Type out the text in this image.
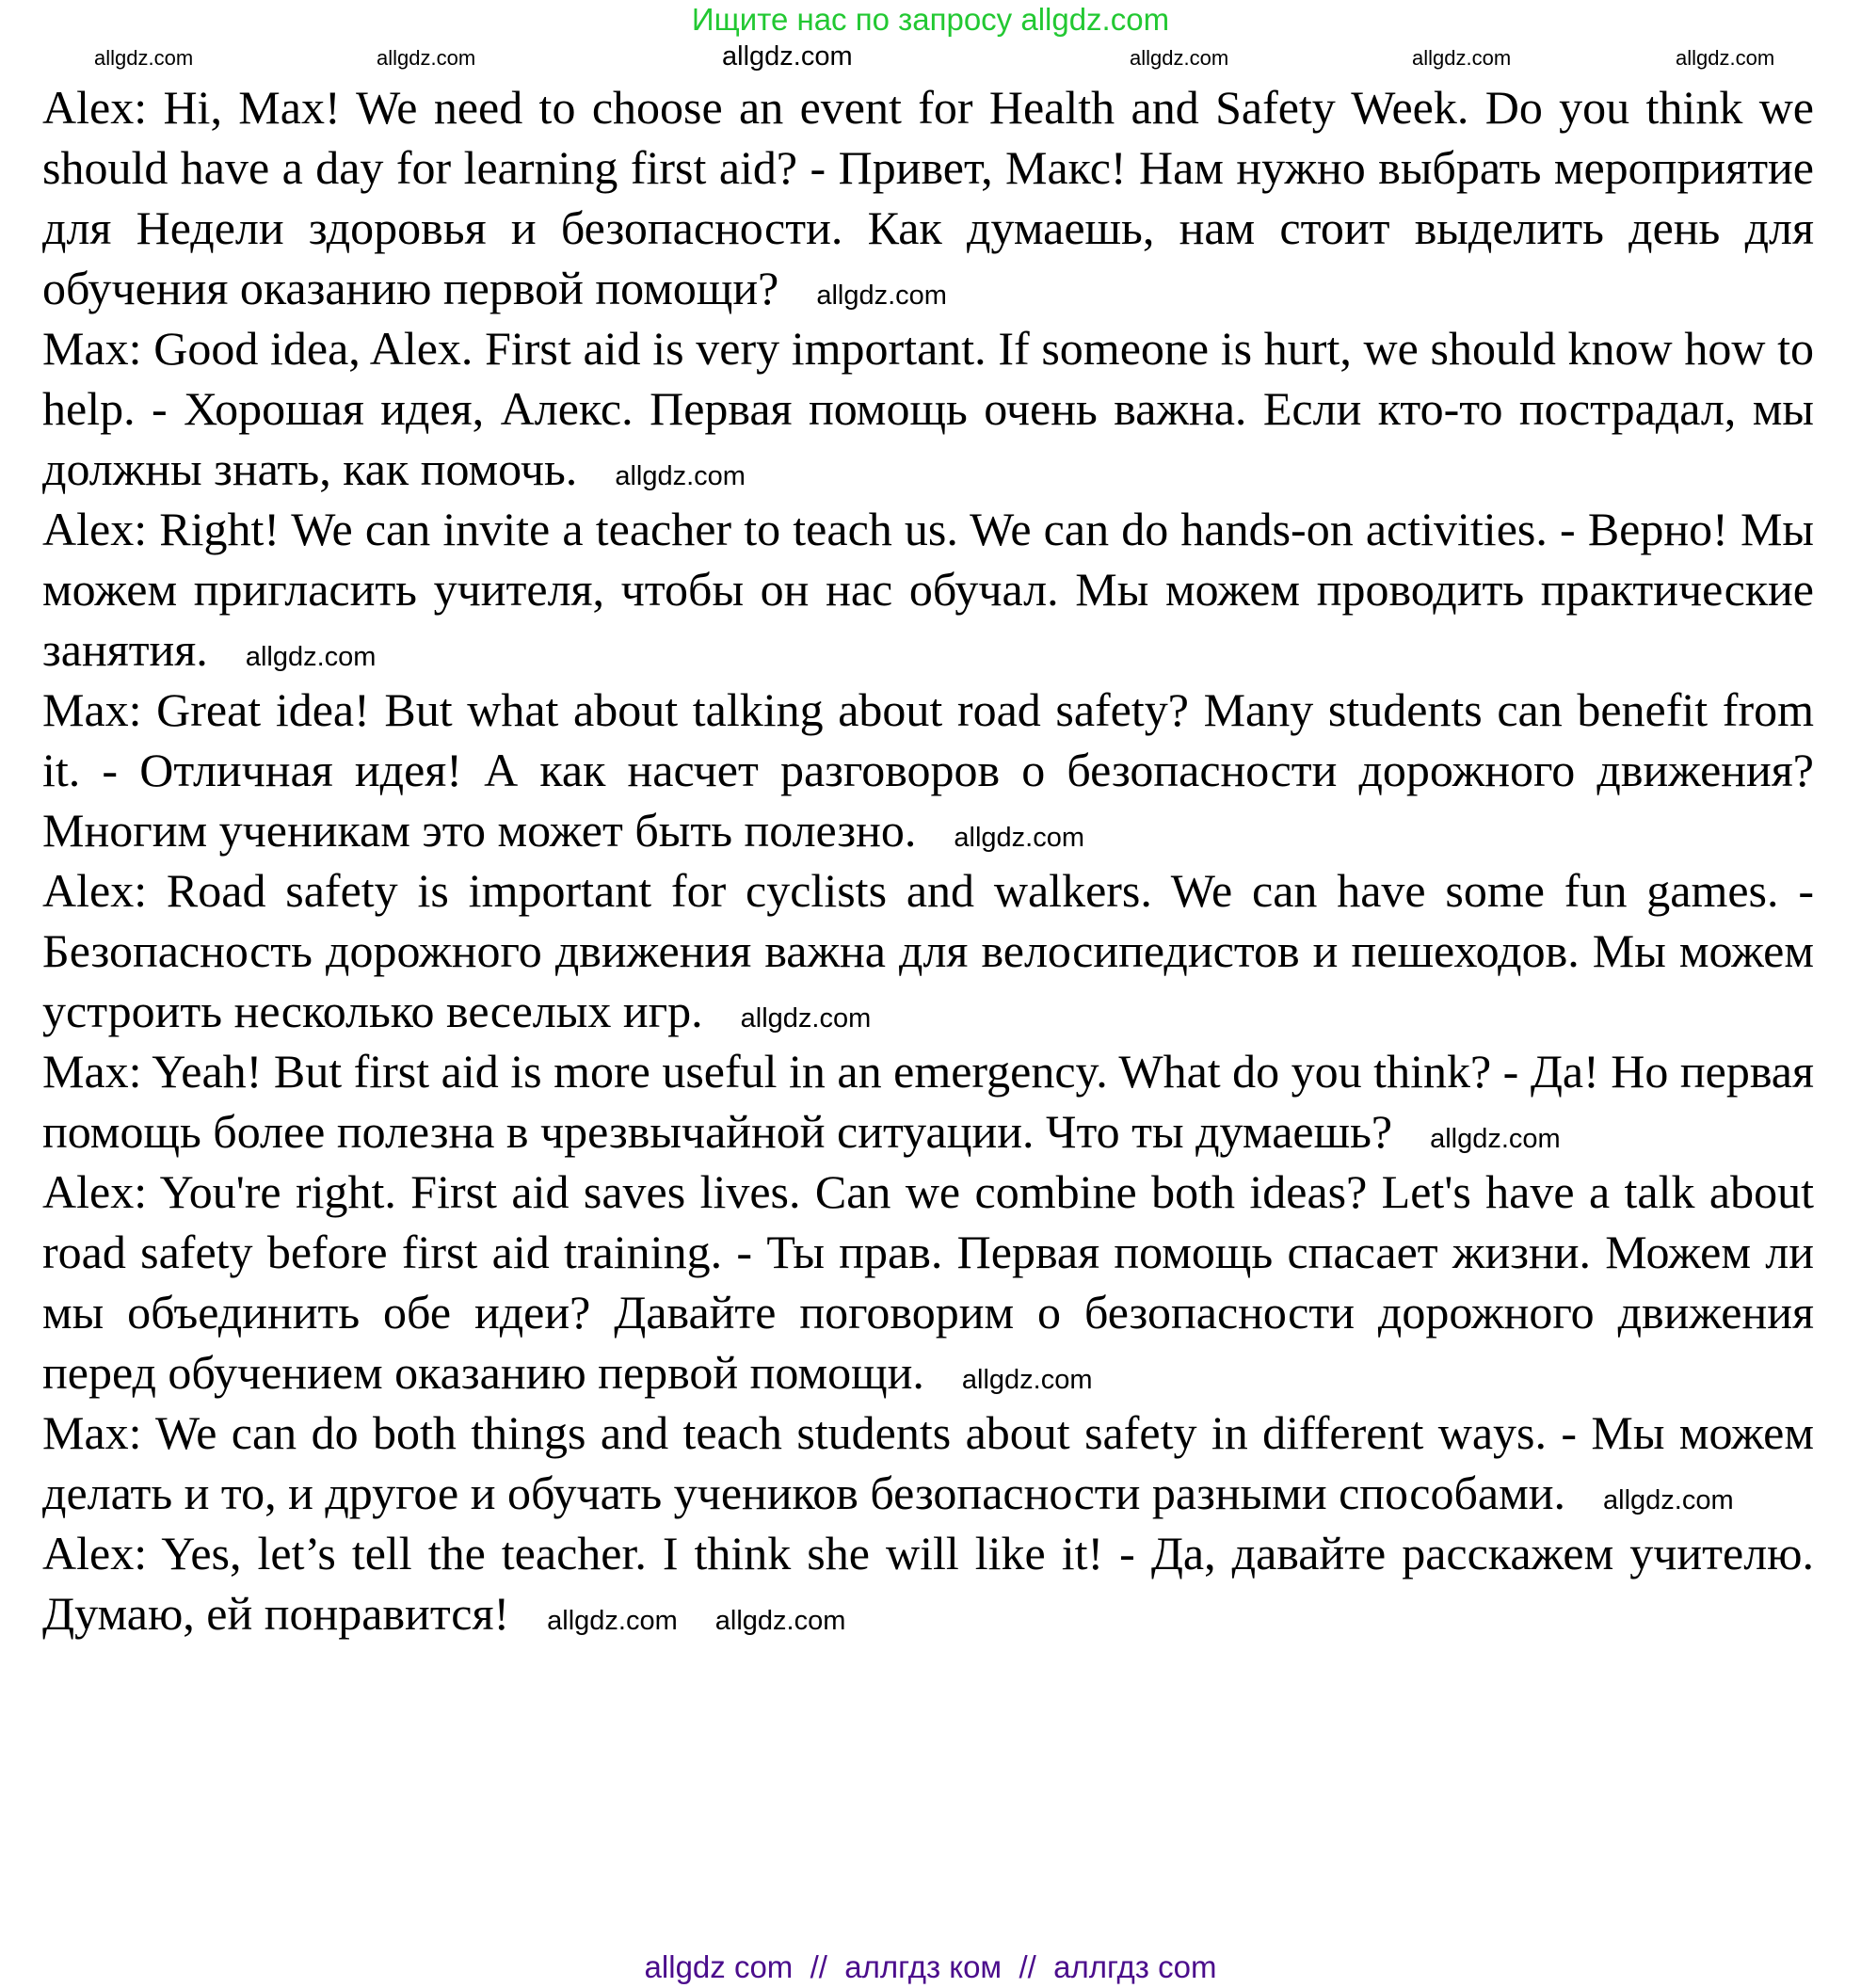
Ищите нас по запросу allgdz.com
allgdz.com
allgdz.com	allgdz.com	allgdz.com	allgdz.com	allgdz.com

Alex: Hi, Max! We need to choose an event for Health and Safety Week. Do you think we should have a day for learning first aid? - Привет, Макс! Нам нужно выбрать мероприятие для Недели здоровья и безопасности. Как думаешь, нам стоит выделить день для обучения оказанию первой помощи? allgdz.com

Max: Good idea, Alex. First aid is very important. If someone is hurt, we should know how to help. - Хорошая идея, Алекс. Первая помощь очень важна. Если кто-то пострадал, мы должны знать, как помочь. allgdz.com

Alex: Right! We can invite a teacher to teach us. We can do hands-on activities. - Верно! Мы можем пригласить учителя, чтобы он нас обучал. Мы можем проводить практические занятия. allgdz.com

Max: Great idea! But what about talking about road safety? Many students can benefit from it. - Отличная идея! А как насчет разговоров о безопасности дорожного движения? Многим ученикам это может быть полезно. allgdz.com

Alex: Road safety is important for cyclists and walkers. We can have some fun games. - Безопасность дорожного движения важна для велосипедистов и пешеходов. Мы можем устроить несколько веселых игр. allgdz.com

Max: Yeah! But first aid is more useful in an emergency. What do you think? - Да! Но первая помощь более полезна в чрезвычайной ситуации. Что ты думаешь? allgdz.com

Alex: You're right. First aid saves lives. Can we combine both ideas? Let's have a talk about road safety before first aid training. - Ты прав. Первая помощь спасает жизни. Можем ли мы объединить обе идеи? Давайте поговорим о безопасности дорожного движения перед обучением оказанию первой помощи. allgdz.com

Max: We can do both things and teach students about safety in different ways. - Мы можем делать и то, и другое и обучать учеников безопасности разными способами. allgdz.com

Alex: Yes, let’s tell the teacher. I think she will like it! - Да, давайте расскажем учителю. Думаю, ей понравится! allgdz.com allgdz.com

allgdz com  //  аллгдз ком  //  аллгдз com
